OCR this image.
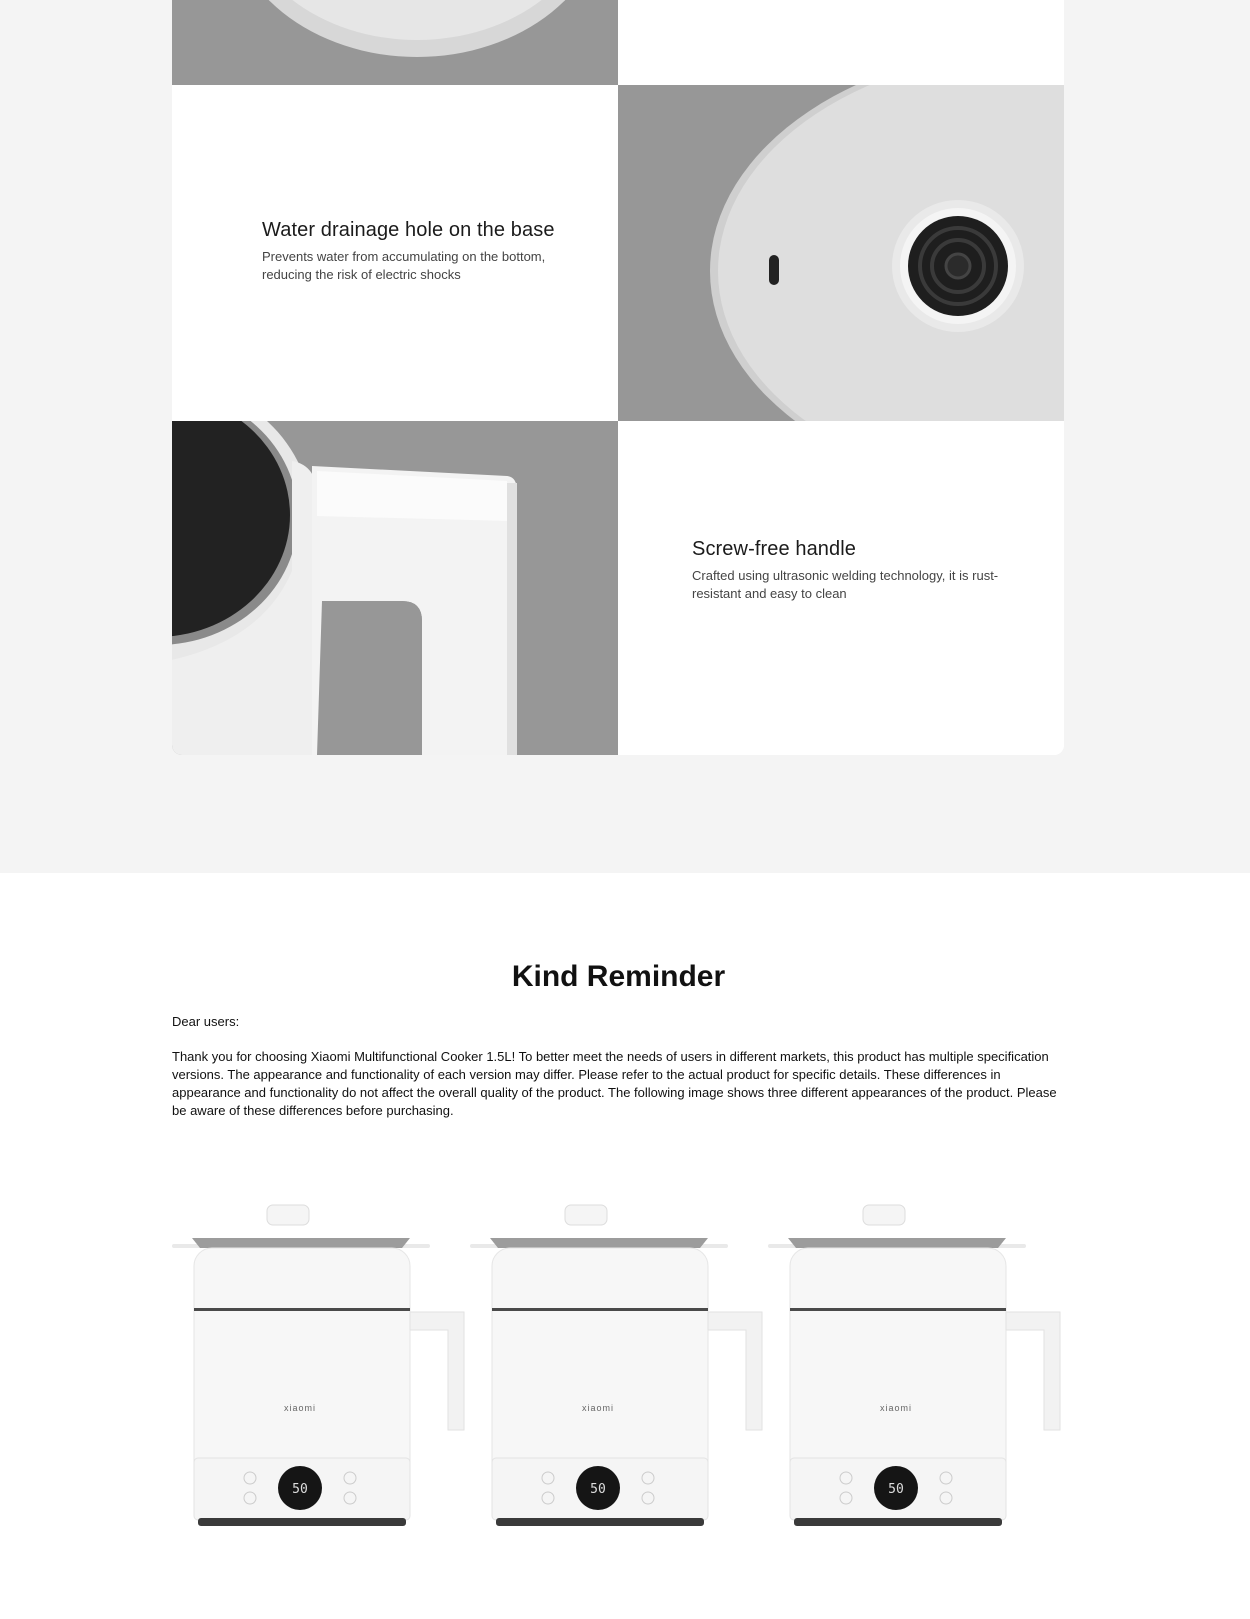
Water drainage hole on the base
Prevents water from accumulating on the bottom, reducing the risk of electric shocks
Screw-free handle
Crafted using ultrasonic welding technology, it is rust-resistant and easy to clean
Kind Reminder

Dear users:

Thank you for choosing Xiaomi Multifunctional Cooker 1.5L! To better meet the needs of users in different markets, this product has multiple specification versions. The appearance and functionality of each version may differ. Please refer to the actual product for specific details. These differences in appearance and functionality do not affect the overall quality of the product. The following image shows three different appearances of the product. Please be aware of these differences before purchasing.

50
xiaomi
50
xiaomi
50
xiaomi
